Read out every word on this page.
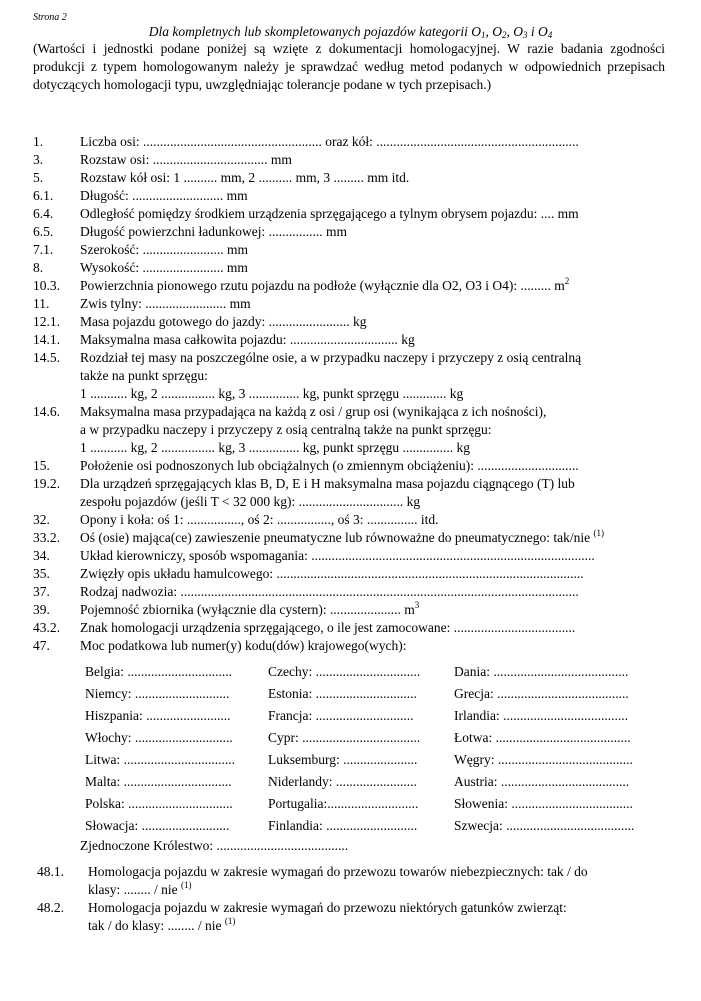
Strona 2
Dla kompletnych lub skompletowanych pojazdów kategorii $O_1$, $O_2$, $O_3$ i $O_4$
(Wartości i jednostki podane poniżej są wzięte z dokumentacji homologacyjnej. W razie badania zgodności produkcji z typem homologowanym należy je sprawdzać według metod podanych w odpowiednich przepisach dotyczących homologacji typu, uwzględniając tolerancje podane w tych przepisach.)
1.	Liczba osi: ..................................................... oraz kół: ............................................................
3.	Rozstaw osi: .................................. mm
5.	Rozstaw kół osi: 1 .......... mm, 2 .......... mm, 3 ......... mm itd.
6.1. Długość: ........................... mm
6.4. Odległość pomiędzy środkiem urządzenia sprzęgającego a tylnym obrysem pojazdu: .... mm
6.5. Długość powierzchni ładunkowej: ................ mm
7.1. Szerokość: ........................ mm
8.	Wysokość: ........................ mm
10.3. Powierzchnia pionowego rzutu pojazdu na podłoże (wyłącznie dla O2, O3 i O4): ......... $m^2$
11. Zwis tylny: ........................ mm
12.1. Masa pojazdu gotowego do jazdy: ........................ kg
14.1. Maksymalna masa całkowita pojazdu: ................................ kg
14.5. Rozdział tej masy na poszczególne osie, a w przypadku naczepy i przyczepy z osią centralną
także na punkt sprzęgu:
1 ........... kg, 2 ................ kg, 3 ............... kg, punkt sprzęgu ............. kg
14.6. Maksymalna masa przypadająca na każdą z osi / grup osi (wynikająca z ich nośności),
a w przypadku naczepy i przyczepy z osią centralną także na punkt sprzęgu:
1 ........... kg, 2 ................ kg, 3 ............... kg, punkt sprzęgu ............... kg
15. Położenie osi podnoszonych lub obciążalnych (o zmiennym obciążeniu): ..............................
19.2. Dla urządzeń sprzęgających klas B, D, E i H maksymalna masa pojazdu ciągnącego (T) lub
zespołu pojazdów (jeśli T < 32 000 kg): ............................... kg
32. Opony i koła: oś 1: ................, oś 2: ................, oś 3: ............... itd.
33.2. Oś (osie) mająca(ce) zawieszenie pneumatyczne lub równoważne do pneumatycznego: tak/nie $^{(1)}$
34. Układ kierowniczy, sposób wspomagania: ....................................................................................
35. Zwięzły opis układu hamulcowego: ...........................................................................................
37. Rodzaj nadwozia: ......................................................................................................................
39. Pojemność zbiornika (wyłącznie dla cystern): ..................... $m^3$
43.2. Znak homologacji urządzenia sprzęgającego, o ile jest zamocowane: ....................................
47. Moc podatkowa lub numer(y) kodu(dów) krajowego(wych):
Belgia: ...............................	Czechy: ...............................	Dania: ........................................
Niemcy: ............................	Estonia: ..............................	Grecja: .......................................
Hiszpania: .........................	Francja: .............................	Irlandia: .....................................
Włochy: .............................	Cypr: ................................... Łotwa: ........................................
Litwa: ................................. Luksemburg: ......................	Węgry: ........................................
Malta: ................................	Niderlandy: ........................	Austria: ......................................
Polska: ...............................	Portugalia:...........................	Słowenia: ....................................
Słowacja: ..........................	Finlandia: ...........................	Szwecja: ......................................
Zjednoczone Królestwo: .......................................
48.1. Homologacja pojazdu w zakresie wymagań do przewozu towarów niebezpiecznych: tak / do
klasy: ........ / nie $^{(1)}$
48.2. Homologacja pojazdu w zakresie wymagań do przewozu niektórych gatunków zwierząt:
tak / do klasy: ........ / nie $^{(1)}$
